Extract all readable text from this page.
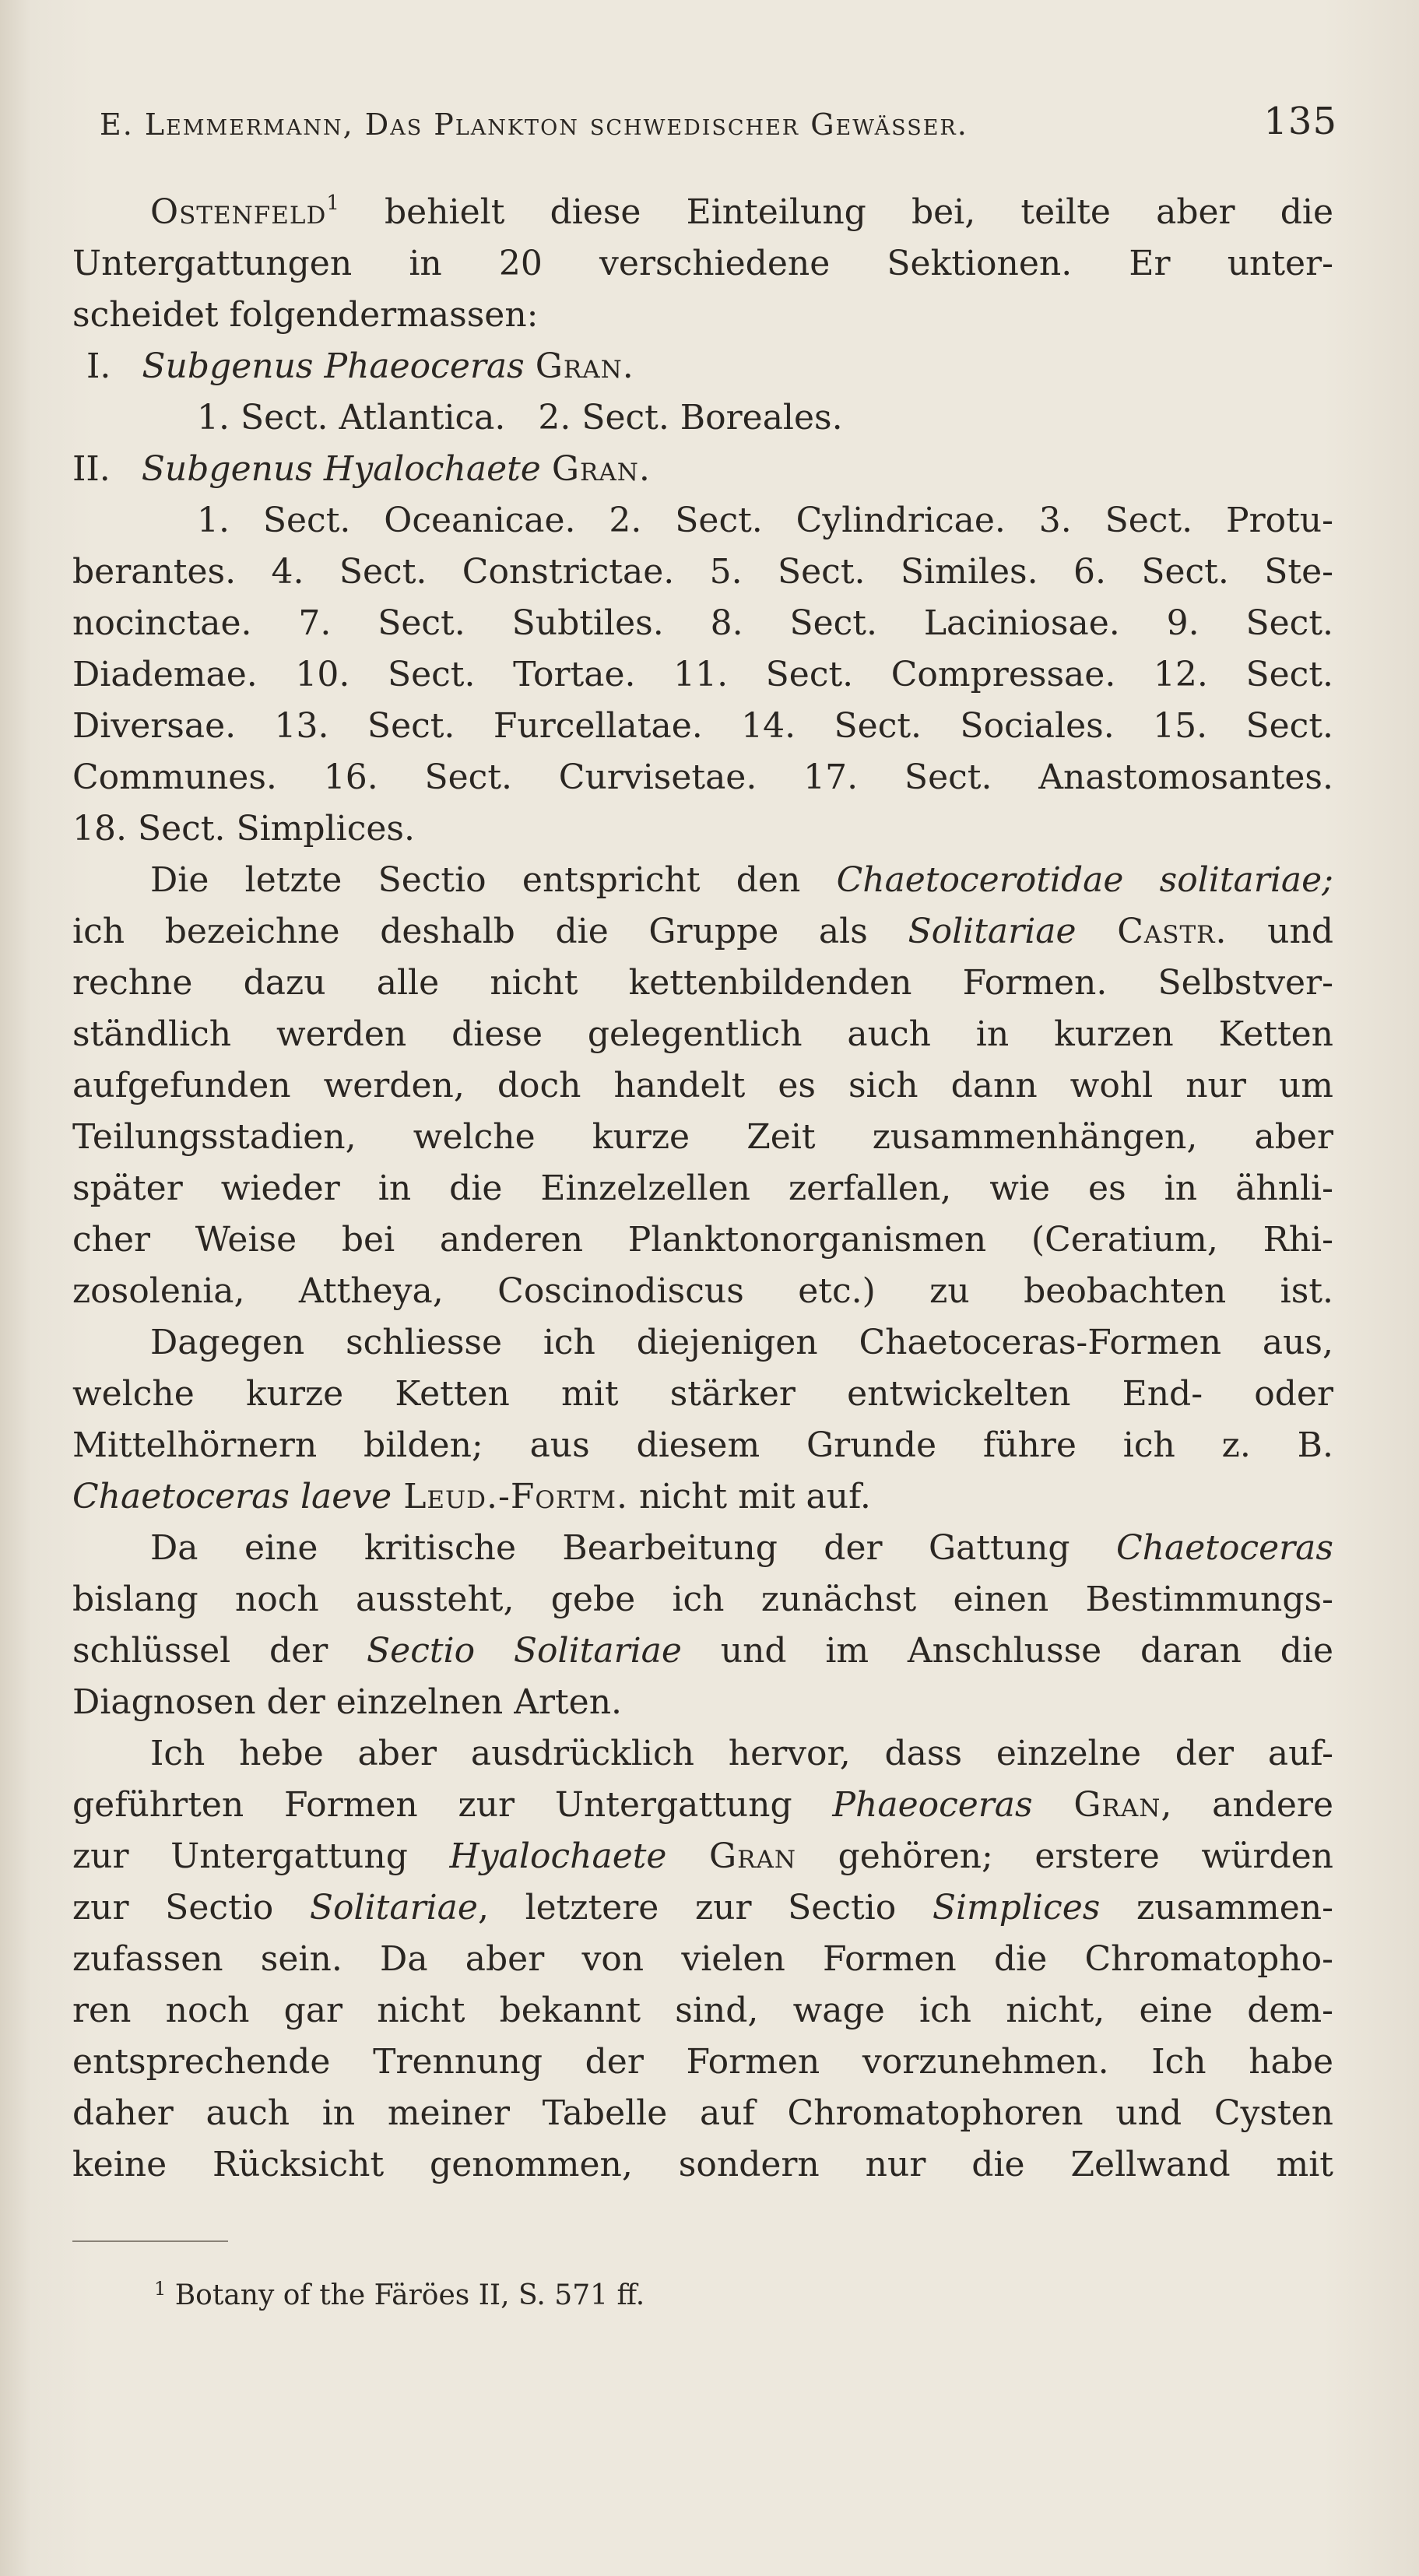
E. Lemmermann, Das Plankton schwedischer Gewässer.	135
Ostenfeld$^1$ behielt diese Einteilung bei, teilte aber die
Untergattungen in 20 verschiedene Sektionen. Er unter-
scheidet folgendermassen:
I. Subgenus Phaeoceras Gran.
1. Sect. Atlantica.   2. Sect. Boreales.
II. Subgenus Hyalochaete Gran.
1. Sect. Oceanicae. 2. Sect. Cylindricae. 3. Sect. Protu-
berantes. 4. Sect. Constrictae. 5. Sect. Similes. 6. Sect. Ste-
nocinctae. 7. Sect. Subtiles. 8. Sect. Laciniosae. 9. Sect.
Diademae. 10. Sect. Tortae. 11. Sect. Compressae. 12. Sect.
Diversae. 13. Sect. Furcellatae. 14. Sect. Sociales. 15. Sect.
Communes. 16. Sect. Curvisetae. 17. Sect. Anastomosantes.
18. Sect. Simplices.
Die letzte Sectio entspricht den Chaetocerotidae solitariae;
ich bezeichne deshalb die Gruppe als Solitariae Castr. und
rechne dazu alle nicht kettenbildenden Formen. Selbstver-
ständlich werden diese gelegentlich auch in kurzen Ketten
aufgefunden werden, doch handelt es sich dann wohl nur um
Teilungsstadien, welche kurze Zeit zusammenhängen, aber
später wieder in die Einzelzellen zerfallen, wie es in ähnli-
cher Weise bei anderen Planktonorganismen (Ceratium, Rhi-
zosolenia, Attheya, Coscinodiscus etc.) zu beobachten ist.
Dagegen schliesse ich diejenigen Chaetoceras-Formen aus,
welche kurze Ketten mit stärker entwickelten End- oder
Mittelhörnern bilden; aus diesem Grunde führe ich z. B.
Chaetoceras laeve Leud.-Fortm. nicht mit auf.
Da eine kritische Bearbeitung der Gattung Chaetoceras
bislang noch aussteht, gebe ich zunächst einen Bestimmungs-
schlüssel der Sectio Solitariae und im Anschlusse daran die
Diagnosen der einzelnen Arten.
Ich hebe aber ausdrücklich hervor, dass einzelne der auf-
geführten Formen zur Untergattung Phaeoceras Gran, andere
zur Untergattung Hyalochaete Gran gehören; erstere würden
zur Sectio Solitariae, letztere zur Sectio Simplices zusammen-
zufassen sein. Da aber von vielen Formen die Chromatopho-
ren noch gar nicht bekannt sind, wage ich nicht, eine dem-
entsprechende Trennung der Formen vorzunehmen. Ich habe
daher auch in meiner Tabelle auf Chromatophoren und Cysten
keine Rücksicht genommen, sondern nur die Zellwand mit
$^1$ Botany of the Färöes II, S. 571 ff.
